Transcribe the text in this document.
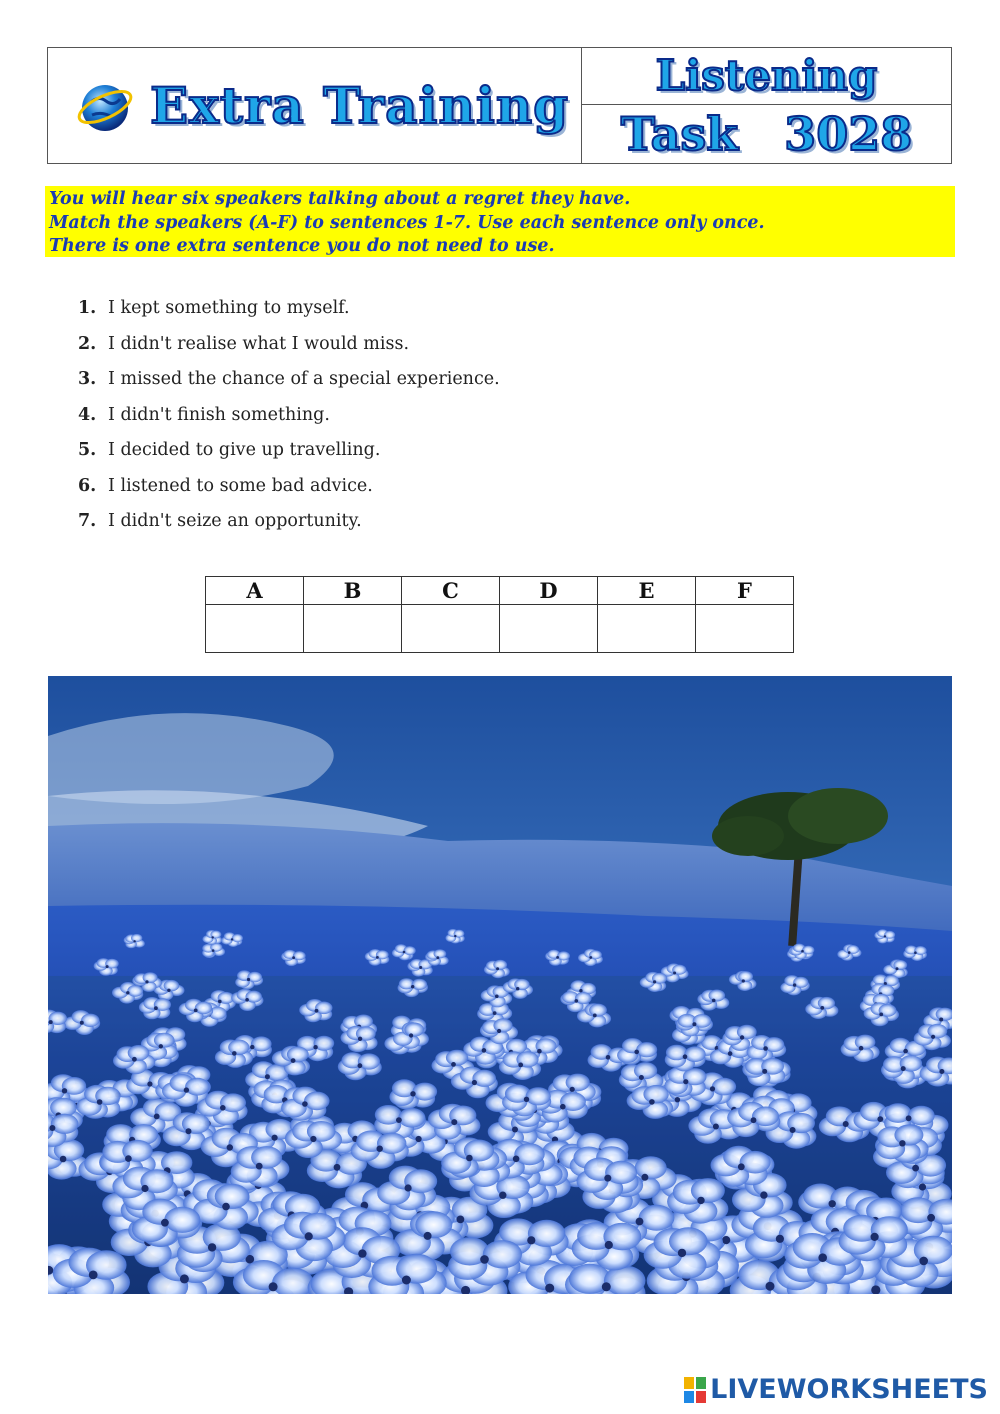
Extra Training	Listening
Task 3028

You will hear six speakers talking about a regret they have.

Match the speakers (A-F) to sentences 1-7. Use each sentence only once.

There is one extra sentence you do not need to use.

1. I kept something to myself.
2. I didn't realise what I would miss.
3. I missed the chance of a special experience.
4. I didn't finish something.
5. I decided to give up travelling.
6. I listened to some bad advice.
7. I didn't seize an opportunity.
A	B	C	D	E	F

LIVEWORKSHEETS
